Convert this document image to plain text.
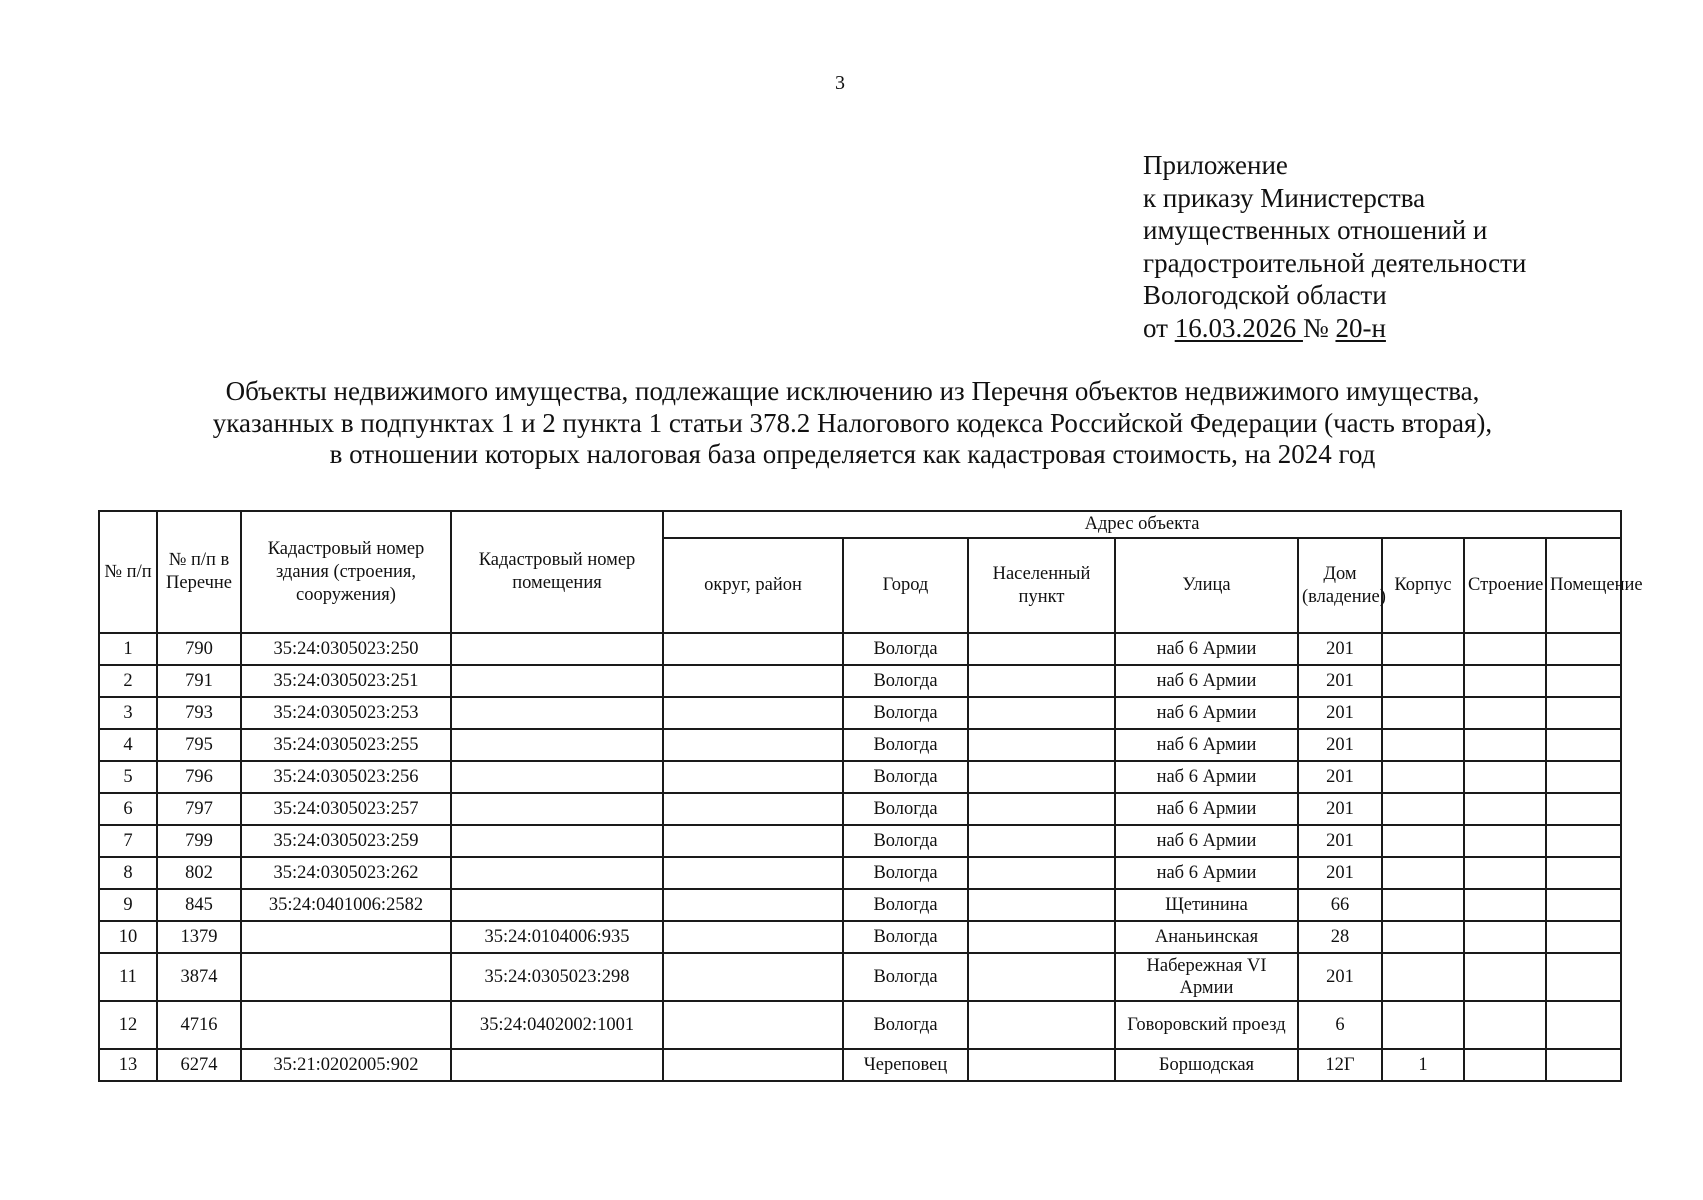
3
Приложение
к приказу Министерства
имущественных отношений и
градостроительной деятельности
Вологодской области
от 16.03.2026 № 20-н
Объекты недвижимого имущества, подлежащие исключению из Перечня объектов недвижимого имущества,
указанных в подпунктах 1 и 2 пункта 1 статьи 378.2 Налогового кодекса Российской Федерации (часть вторая),
в отношении которых налоговая база определяется как кадастровая стоимость, на 2024 год
№ п/п	№ п/п в Перечне	Кадастровый номер здания (строения, сооружения)	Кадастровый номер помещения	Адрес объекта							
				округ, район	Город	Населенный пункт	Улица	Дом (владение)	Корпус	Строение	Помещение
1	790	35:24:0305023:250			Вологда		наб 6 Армии	201			
2	791	35:24:0305023:251			Вологда		наб 6 Армии	201			
3	793	35:24:0305023:253			Вологда		наб 6 Армии	201			
4	795	35:24:0305023:255			Вологда		наб 6 Армии	201			
5	796	35:24:0305023:256			Вологда		наб 6 Армии	201			
6	797	35:24:0305023:257			Вологда		наб 6 Армии	201			
7	799	35:24:0305023:259			Вологда		наб 6 Армии	201			
8	802	35:24:0305023:262			Вологда		наб 6 Армии	201			
9	845	35:24:0401006:2582			Вологда		Щетинина	66			
10	1379		35:24:0104006:935		Вологда		Ананьинская	28			
11	3874		35:24:0305023:298		Вологда		Набережная VI Армии	201			
12	4716		35:24:0402002:1001		Вологда		Говоровский проезд	6			
13	6274	35:21:0202005:902			Череповец		Боршодская	12Г	1		
